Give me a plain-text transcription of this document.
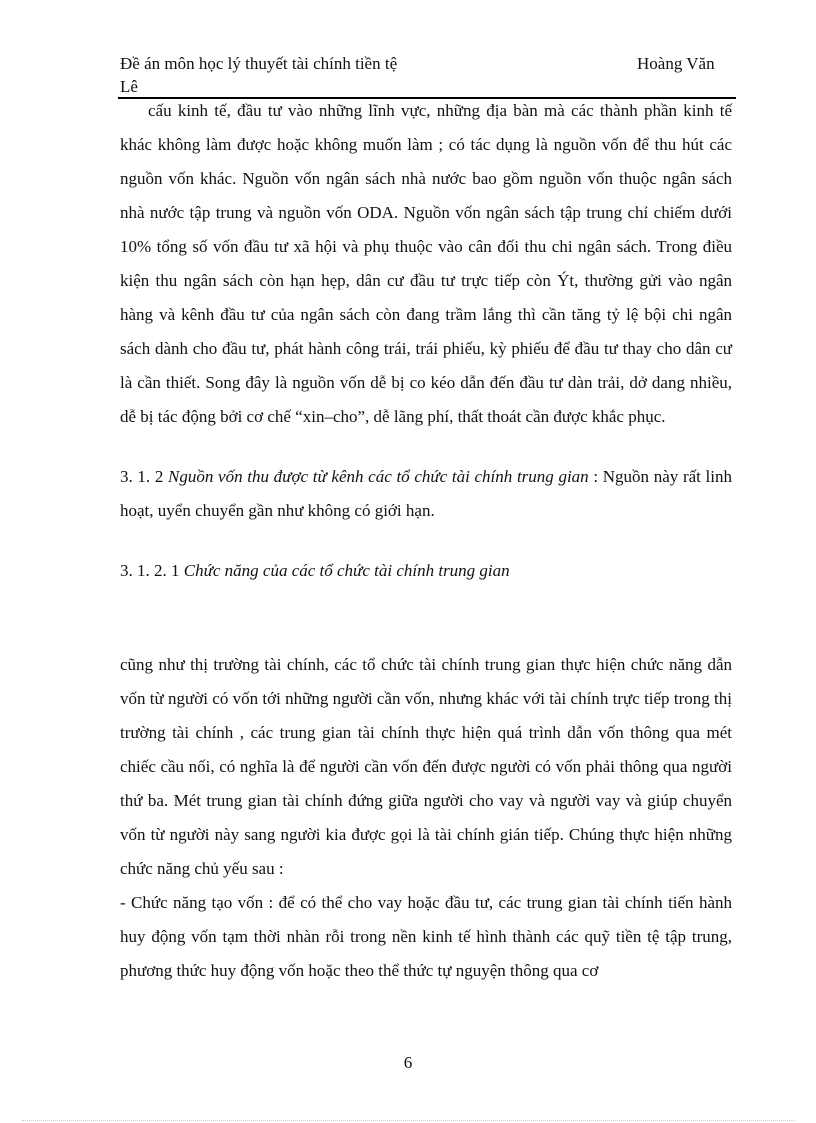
Đề án môn học lý thuyết tài chính tiền tệ	Hoàng Văn
Lê

cấu kinh tế, đầu tư vào những lĩnh vực, những địa bàn mà các thành phần kinh tế khác không làm được hoặc không muốn làm ; có tác dụng là nguồn vốn để thu hút các nguồn vốn khác. Nguồn vốn ngân sách nhà nước bao gồm nguồn vốn thuộc ngân sách nhà nước tập trung và nguồn vốn ODA. Nguồn vốn ngân sách tập trung chỉ chiếm dưới 10% tổng số vốn đầu tư xã hội và phụ thuộc vào cân đối thu chi ngân sách. Trong điều kiện thu ngân sách còn hạn hẹp, dân cư đầu tư trực tiếp còn Ýt, thường gửi vào ngân hàng và kênh đầu tư của ngân sách còn đang trầm lắng thì cần tăng tỷ lệ bội chi ngân sách dành cho đầu tư, phát hành công trái, trái phiếu, kỳ phiếu để đầu tư thay cho dân cư là cần thiết. Song đây là nguồn vốn dễ bị co kéo dẫn đến đầu tư dàn trải, dở dang nhiều, dễ bị tác động bởi cơ chế “xin–cho”, dễ lãng phí, thất thoát cần được khắc phục.

3. 1. 2 Nguồn vốn thu được từ kênh các tổ chức tài chính trung gian : Nguồn này rất linh hoạt, uyển chuyển gần như không có giới hạn.

3. 1. 2. 1 Chức năng của các tổ chức tài chính trung gian

cũng như thị trường tài chính, các tổ chức tài chính trung gian thực hiện chức năng dẫn vốn từ người có vốn tới những người cần vốn, nhưng khác với tài chính trực tiếp trong thị trường tài chính , các trung gian tài chính thực hiện quá trình dẫn vốn thông qua mét chiếc cầu nối, có nghĩa là để người cần vốn đến được người có vốn phải thông qua người thứ ba. Mét trung gian tài chính đứng giữa người cho vay và người vay và giúp chuyển vốn từ người này sang người kia được gọi là tài chính gián tiếp. Chúng thực hiện những chức năng chủ yếu sau :

- Chức năng tạo vốn : để có thể cho vay hoặc đầu tư, các trung gian tài chính tiến hành huy động vốn tạm thời nhàn rỗi trong nền kinh tế hình thành các quỹ tiền tệ tập trung, phương thức huy động vốn hoặc theo thể thức tự nguyện thông qua cơ

6
